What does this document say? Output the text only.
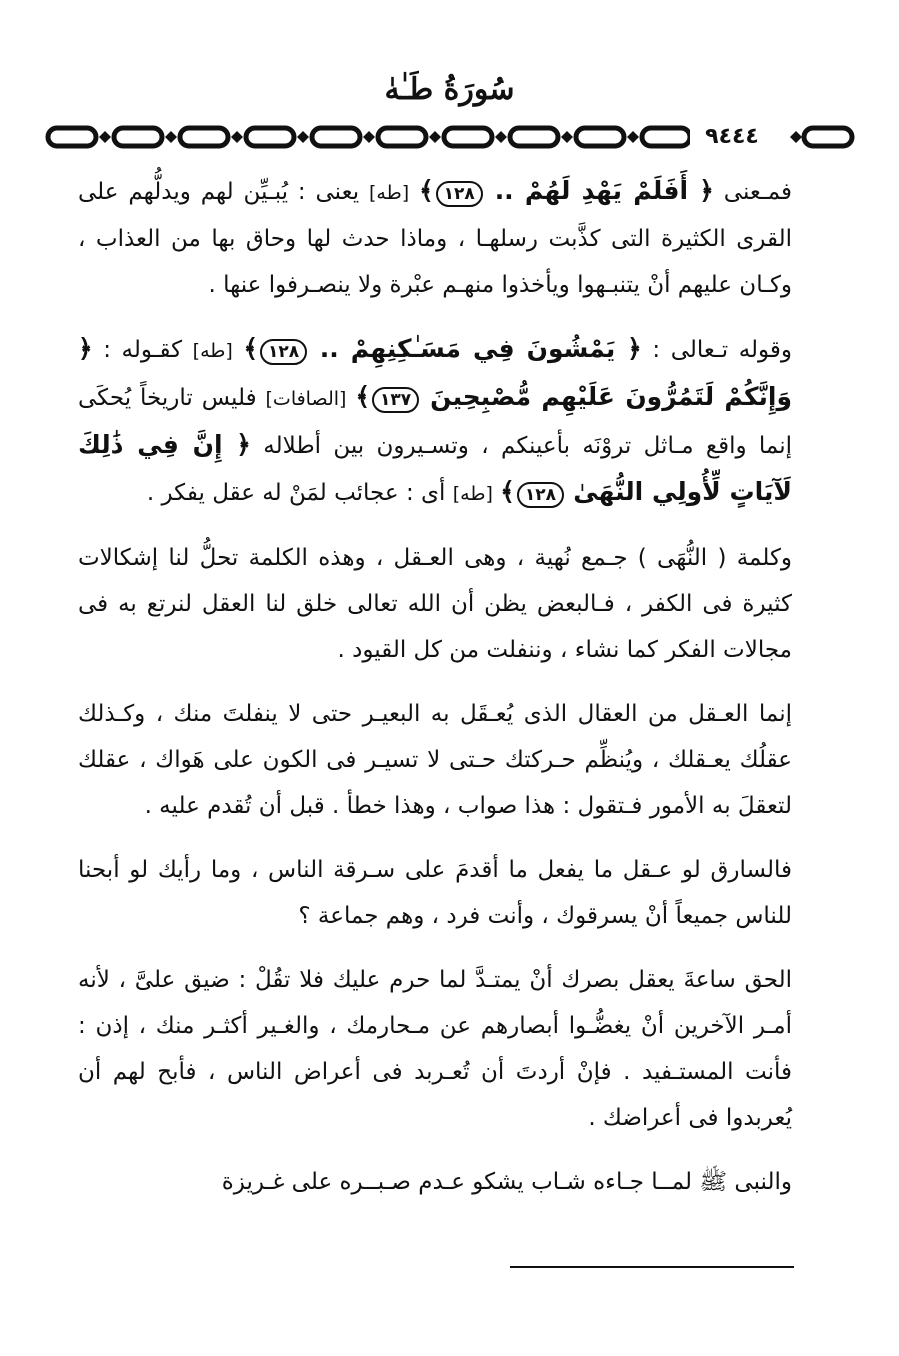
سُورَةُ طَـٰهٰ
٩٤٤٤

فمـعنى ﴿ أَفَلَمْ يَهْدِ لَهُمْ .. ١٢٨﴾ [طه] يعنى : يُبـيِّن لهم ويدلُّهم على القرى الكثيرة التى كذَّبت رسلهـا ، وماذا حدث لها وحاق بها من العذاب ، وكـان عليهم أنْ يتنبـهوا ويأخذوا منهـم عبْرة ولا ينصـرفوا عنها .

وقوله تـعالى : ﴿ يَمْشُونَ فِي مَسَـٰكِنِهِمْ .. ١٢٨﴾ [طه] كقـوله : ﴿ وَإِنَّكُمْ لَتَمُرُّونَ عَلَيْهِم مُّصْبِحِينَ ١٣٧﴾ [الصافات] فليس تاريخاً يُحكَى إنما واقع مـاثل تروْنَه بأعينكم ، وتسـيرون بين أطلاله ﴿ إِنَّ فِي ذَٰلِكَ لَآيَاتٍ لِّأُولِي النُّهَىٰ ١٢٨﴾ [طه] أى : عجائب لمَنْ له عقل يفكر .

وكلمة ( النُّهَى ) جـمع نُهية ، وهى العـقل ، وهذه الكلمة تحلُّ لنا إشكالات كثيرة فى الكفر ، فـالبعض يظن أن الله تعالى خلق لنا العقل لنرتع به فى مجالات الفكر كما نشاء ، وننفلت من كل القيود .

إنما العـقل من العقال الذى يُعـقَل به البعيـر حتى لا ينفلتَ منك ، وكـذلك عقلُك يعـقلك ، ويُنظِّم حـركتك حـتى لا تسيـر فى الكون على هَواك ، عقلك لتعقلَ به الأمور فـتقول : هذا صواب ، وهذا خطأ . قبل أن تُقدم عليه .

فالسارق لو عـقل ما يفعل ما أقدمَ على سـرقة الناس ، وما رأيك لو أبحنا للناس جميعاً أنْ يسرقوك ، وأنت فرد ، وهم جماعة ؟

الحق ساعةَ يعقل بصرك أنْ يمتـدَّ لما حرم عليك فلا تقُلْ : ضيق علىَّ ، لأنه أمـر الآخرين أنْ يغضُّـوا أبصارهم عن مـحارمك ، والغـير أكثـر منك ، إذن : فأنت المستـفيد . فإنْ أردتَ أن تُعـربد فى أعراض الناس ، فأبح لهم أن يُعربدوا فى أعراضك .

والنبى ﷺ لمــا جـاءه شـاب يشكو عـدم صـبــره على غـريزة
